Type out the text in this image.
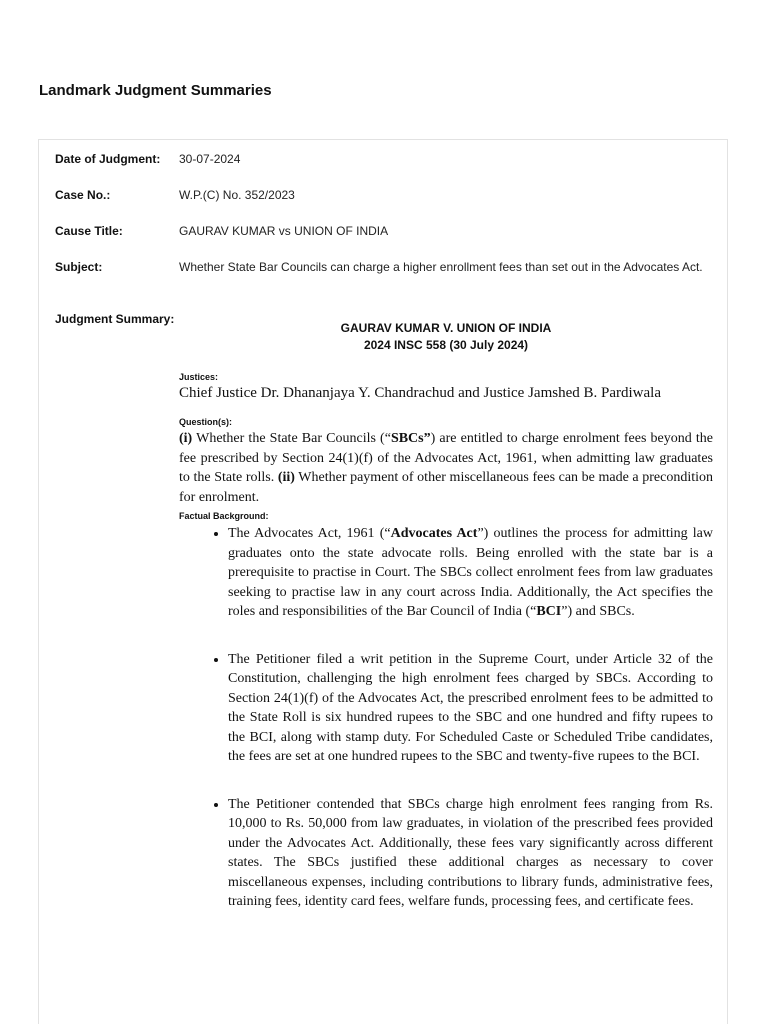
Landmark Judgment Summaries
Date of Judgment:	30-07-2024
Case No.:	W.P.(C) No. 352/2023
Cause Title:	GAURAV KUMAR vs UNION OF INDIA
Subject:	Whether State Bar Councils can charge a higher enrollment fees than set out in the Advocates Act.
Judgment Summary:

GAURAV KUMAR V. UNION OF INDIA

2024 INSC 558 (30 July 2024)

Justices:

Chief Justice Dr. Dhananjaya Y. Chandrachud and Justice Jamshed B. Pardiwala

Question(s):

(i) Whether the State Bar Councils (“SBCs”) are entitled to charge enrolment fees beyond the fee prescribed by Section 24(1)(f) of the Advocates Act, 1961, when admitting law graduates to the State rolls. (ii) Whether payment of other miscellaneous fees can be made a precondition for enrolment.

Factual Background:

• The Advocates Act, 1961 (“Advocates Act”) outlines the process for admitting law graduates onto the state advocate rolls. Being enrolled with the state bar is a prerequisite to practise in Court. The SBCs collect enrolment fees from law graduates seeking to practise law in any court across India. Additionally, the Act specifies the roles and responsibilities of the Bar Council of India (“BCI”) and SBCs.
• The Petitioner filed a writ petition in the Supreme Court, under Article 32 of the Constitution, challenging the high enrolment fees charged by SBCs. According to Section 24(1)(f) of the Advocates Act, the prescribed enrolment fees to be admitted to the State Roll is six hundred rupees to the SBC and one hundred and fifty rupees to the BCI, along with stamp duty. For Scheduled Caste or Scheduled Tribe candidates, the fees are set at one hundred rupees to the SBC and twenty-five rupees to the BCI.
• The Petitioner contended that SBCs charge high enrolment fees ranging from Rs. 10,000 to Rs. 50,000 from law graduates, in violation of the prescribed fees provided under the Advocates Act. Additionally, these fees vary significantly across different states. The SBCs justified these additional charges as necessary to cover miscellaneous expenses, including contributions to library funds, administrative fees, training fees, identity card fees, welfare funds, processing fees, and certificate fees.
